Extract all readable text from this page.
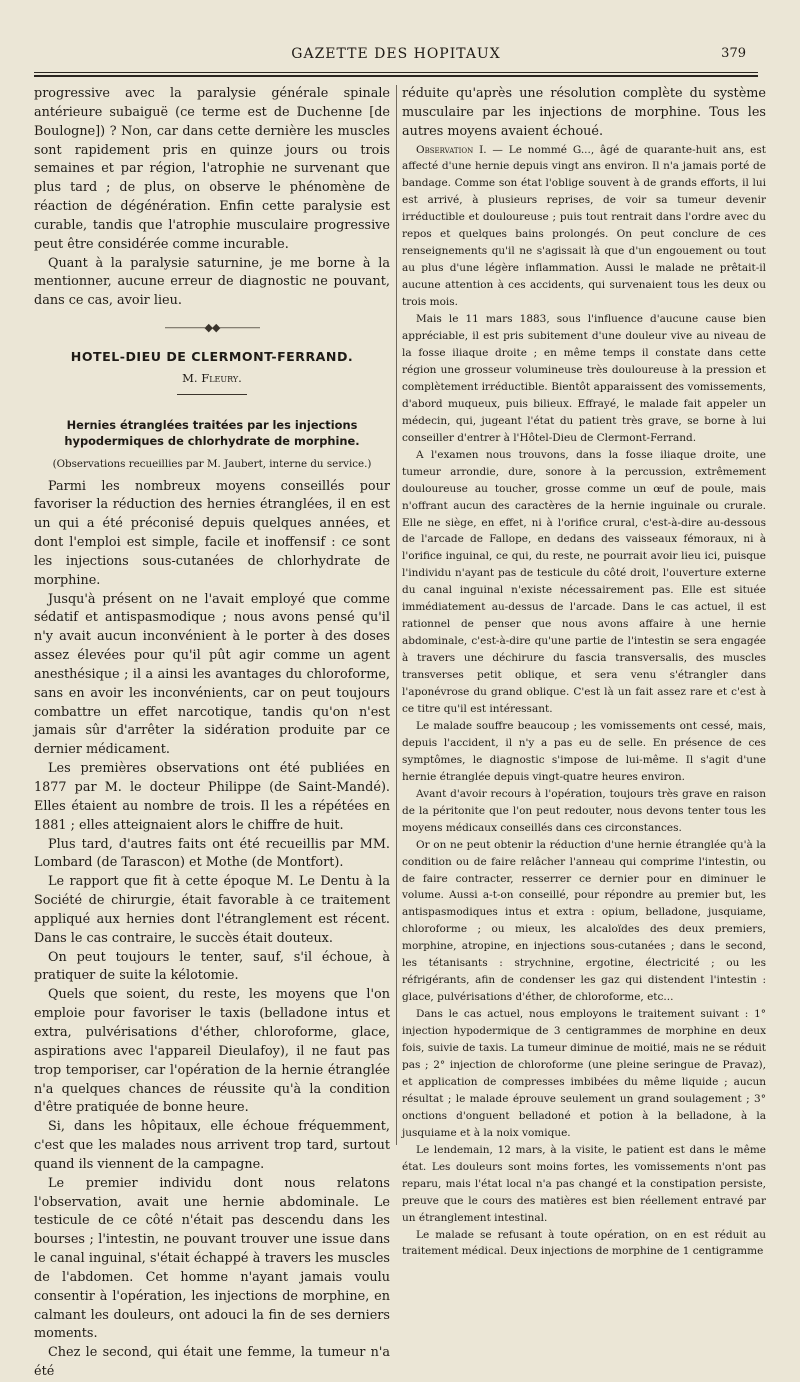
GAZETTE DES HOPITAUX	379

progressive avec la paralysie générale spinale antérieure subaiguë (ce terme est de Duchenne [de Boulogne]) ? Non, car dans cette dernière les muscles sont rapidement pris en quinze jours ou trois semaines et par région, l'atrophie ne survenant que plus tard ; de plus, on observe le phénomène de réaction de dégénération. Enfin cette paralysie est curable, tandis que l'atrophie musculaire progressive peut être considérée comme incurable.

Quant à la paralysie saturnine, je me borne à la mentionner, aucune erreur de diagnostic ne pouvant, dans ce cas, avoir lieu.

————◆◆————
HOTEL-DIEU DE CLERMONT-FERRAND.
M. Fleury.
Hernies étranglées traitées par les injections hypodermiques de chlorhydrate de morphine.
(Observations recueillies par M. Jaubert, interne du service.)

Parmi les nombreux moyens conseillés pour favoriser la réduction des hernies étranglées, il en est un qui a été préconisé depuis quelques années, et dont l'emploi est simple, facile et inoffensif : ce sont les injections sous-cutanées de chlorhydrate de morphine.

Jusqu'à présent on ne l'avait employé que comme sédatif et antispasmodique ; nous avons pensé qu'il n'y avait aucun inconvénient à le porter à des doses assez élevées pour qu'il pût agir comme un agent anesthésique ; il a ainsi les avantages du chloroforme, sans en avoir les inconvénients, car on peut toujours combattre un effet narcotique, tandis qu'on n'est jamais sûr d'arrêter la sidération produite par ce dernier médicament.

Les premières observations ont été publiées en 1877 par M. le docteur Philippe (de Saint-Mandé). Elles étaient au nombre de trois. Il les a répétées en 1881 ; elles atteignaient alors le chiffre de huit.

Plus tard, d'autres faits ont été recueillis par MM. Lombard (de Tarascon) et Mothe (de Montfort).

Le rapport que fit à cette époque M. Le Dentu à la Société de chirurgie, était favorable à ce traitement appliqué aux hernies dont l'étranglement est récent. Dans le cas contraire, le succès était douteux.

On peut toujours le tenter, sauf, s'il échoue, à pratiquer de suite la kélotomie.

Quels que soient, du reste, les moyens que l'on emploie pour favoriser le taxis (belladone intus et extra, pulvérisations d'éther, chloroforme, glace, aspirations avec l'appareil Dieulafoy), il ne faut pas trop temporiser, car l'opération de la hernie étranglée n'a quelques chances de réussite qu'à la condition d'être pratiquée de bonne heure.

Si, dans les hôpitaux, elle échoue fréquemment, c'est que les malades nous arrivent trop tard, surtout quand ils viennent de la campagne.

Le premier individu dont nous relatons l'observation, avait une hernie abdominale. Le testicule de ce côté n'était pas descendu dans les bourses ; l'intestin, ne pouvant trouver une issue dans le canal inguinal, s'était échappé à travers les muscles de l'abdomen. Cet homme n'ayant jamais voulu consentir à l'opération, les injections de morphine, en calmant les douleurs, ont adouci la fin de ses derniers moments.

Chez le second, qui était une femme, la tumeur n'a été

réduite qu'après une résolution complète du système musculaire par les injections de morphine. Tous les autres moyens avaient échoué.

Observation I. — Le nommé G..., âgé de quarante-huit ans, est affecté d'une hernie depuis vingt ans environ. Il n'a jamais porté de bandage. Comme son état l'oblige souvent à de grands efforts, il lui est arrivé, à plusieurs reprises, de voir sa tumeur devenir irréductible et douloureuse ; puis tout rentrait dans l'ordre avec du repos et quelques bains prolongés. On peut conclure de ces renseignements qu'il ne s'agissait là que d'un engouement ou tout au plus d'une légère inflammation. Aussi le malade ne prêtait-il aucune attention à ces accidents, qui survenaient tous les deux ou trois mois.

Mais le 11 mars 1883, sous l'influence d'aucune cause bien appréciable, il est pris subitement d'une douleur vive au niveau de la fosse iliaque droite ; en même temps il constate dans cette région une grosseur volumineuse très douloureuse à la pression et complètement irréductible. Bientôt apparaissent des vomissements, d'abord muqueux, puis bilieux. Effrayé, le malade fait appeler un médecin, qui, jugeant l'état du patient très grave, se borne à lui conseiller d'entrer à l'Hôtel-Dieu de Clermont-Ferrand.

A l'examen nous trouvons, dans la fosse iliaque droite, une tumeur arrondie, dure, sonore à la percussion, extrêmement douloureuse au toucher, grosse comme un œuf de poule, mais n'offrant aucun des caractères de la hernie inguinale ou crurale. Elle ne siège, en effet, ni à l'orifice crural, c'est-à-dire au-dessous de l'arcade de Fallope, en dedans des vaisseaux fémoraux, ni à l'orifice inguinal, ce qui, du reste, ne pourrait avoir lieu ici, puisque l'individu n'ayant pas de testicule du côté droit, l'ouverture externe du canal inguinal n'existe nécessairement pas. Elle est située immédiatement au-dessus de l'arcade. Dans le cas actuel, il est rationnel de penser que nous avons affaire à une hernie abdominale, c'est-à-dire qu'une partie de l'intestin se sera engagée à travers une déchirure du fascia transversalis, des muscles transverses petit oblique, et sera venu s'étrangler dans l'aponévrose du grand oblique. C'est là un fait assez rare et c'est à ce titre qu'il est intéressant.

Le malade souffre beaucoup ; les vomissements ont cessé, mais, depuis l'accident, il n'y a pas eu de selle. En présence de ces symptômes, le diagnostic s'impose de lui-même. Il s'agit d'une hernie étranglée depuis vingt-quatre heures environ.

Avant d'avoir recours à l'opération, toujours très grave en raison de la péritonite que l'on peut redouter, nous devons tenter tous les moyens médicaux conseillés dans ces circonstances.

Or on ne peut obtenir la réduction d'une hernie étranglée qu'à la condition ou de faire relâcher l'anneau qui comprime l'intestin, ou de faire contracter, resserrer ce dernier pour en diminuer le volume. Aussi a-t-on conseillé, pour répondre au premier but, les antispasmodiques intus et extra : opium, belladone, jusquiame, chloroforme ; ou mieux, les alcaloïdes des deux premiers, morphine, atropine, en injections sous-cutanées ; dans le second, les tétanisants : strychnine, ergotine, électricité ; ou les réfrigérants, afin de condenser les gaz qui distendent l'intestin : glace, pulvérisations d'éther, de chloroforme, etc...

Dans le cas actuel, nous employons le traitement suivant : 1° injection hypodermique de 3 centigrammes de morphine en deux fois, suivie de taxis. La tumeur diminue de moitié, mais ne se réduit pas ; 2° injection de chloroforme (une pleine seringue de Pravaz), et application de compresses imbibées du même liquide ; aucun résultat ; le malade éprouve seulement un grand soulagement ; 3° onctions d'onguent belladoné et potion à la belladone, à la jusquiame et à la noix vomique.

Le lendemain, 12 mars, à la visite, le patient est dans le même état. Les douleurs sont moins fortes, les vomissements n'ont pas reparu, mais l'état local n'a pas changé et la constipation persiste, preuve que le cours des matières est bien réellement entravé par un étranglement intestinal.

Le malade se refusant à toute opération, on en est réduit au traitement médical. Deux injections de morphine de 1 centigramme
